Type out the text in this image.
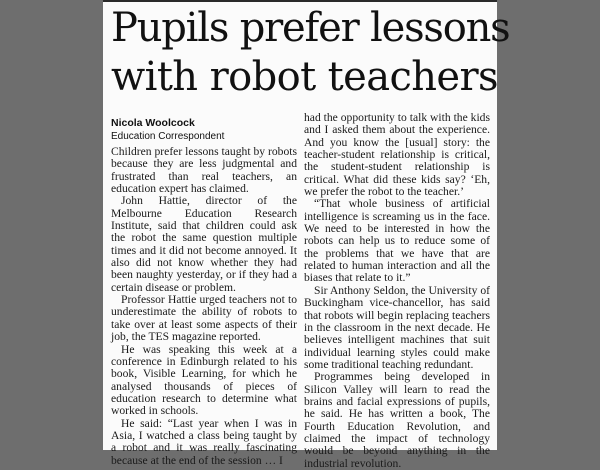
Pupils prefer lessons
with robot teachers
Nicola Woolcock
Education Correspondent

Children prefer lessons taught by robots because they are less judgmental and frustrated than real teachers, an education expert has claimed.

John Hattie, director of the Melbourne Education Research Institute, said that children could ask the robot the same question multiple times and it did not become annoyed. It also did not know whether they had been naughty yesterday, or if they had a certain disease or problem.

Professor Hattie urged teachers not to underestimate the ability of robots to take over at least some aspects of their job, the TES magazine reported.

He was speaking this week at a conference in Edinburgh related to his book, Visible Learning, for which he analysed thousands of pieces of education research to determine what worked in schools.

He said: “Last year when I was in Asia, I watched a class being taught by a robot and it was really fascinating because at the end of the session … I

had the opportunity to talk with the kids and I asked them about the experience. And you know the [usual] story: the teacher-student relationship is critical, the student-student relationship is critical. What did these kids say? ‘Eh, we prefer the robot to the teacher.’

“That whole business of artificial intelligence is screaming us in the face. We need to be interested in how the robots can help us to reduce some of the problems that we have that are related to human interaction and all the biases that relate to it.”

Sir Anthony Seldon, the University of Buckingham vice-chancellor, has said that robots will begin replacing teachers in the classroom in the next decade. He believes intelligent machines that suit individual learning styles could make some traditional teaching redundant.

Programmes being developed in Silicon Valley will learn to read the brains and facial expressions of pupils, he said. He has written a book, The Fourth Education Revolution, and claimed the impact of technology would be beyond anything in the industrial revolution.
